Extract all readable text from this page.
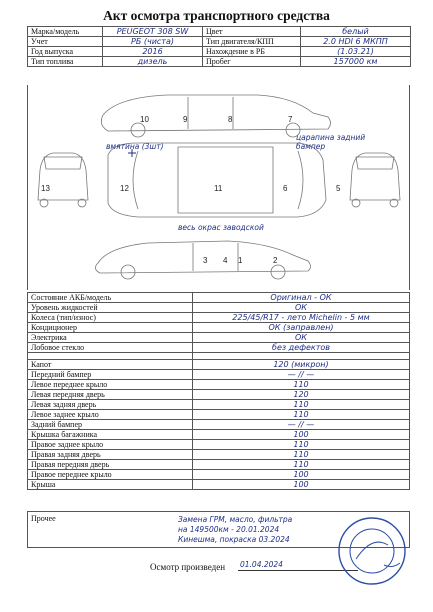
Акт осмотра транспортного средства
Марка/модель	PEUGEOT 308 SW	Цвет	белый
Учет	РБ (чиста)	Тип двигателя/КПП	2.0 HDI 6 МКПП
Год выпуска	2016	Нахождение в РБ	(1.03.21)
Тип топлива	дизель	Пробег	157000 км
1	2
3 4
5
6
7
8
9
10
11
12
13
вмятина (3шт)
царапина задний бампер
весь окрас заводской
Состояние АКБ/модель	Оригинал - ОК
Уровень жидкостей	ОК
Колеса (тип/износ)	225/45/R17 - лето Michelin - 5 мм
Кондиционер	ОК (заправлен)
Электрика	ОК
Лобовое стекло	без дефектов

Капот	120 (микрон)
Передний бампер	— // —
Левое переднее крыло	110
Левая передняя дверь	120
Левая задняя дверь	110
Левое заднее крыло	110
Задний бампер	— // —
Крышка багажника	100
Правое заднее крыло	110
Правая задняя дверь	110
Правая передняя дверь	110
Правое переднее крыло	100
Крыша	100
Прочее	Замена ГРМ, масло, фильтра
на 149500км - 20.01.2024
Кинешма, покраска 03.2024
Осмотр произведен 01.04.2024
